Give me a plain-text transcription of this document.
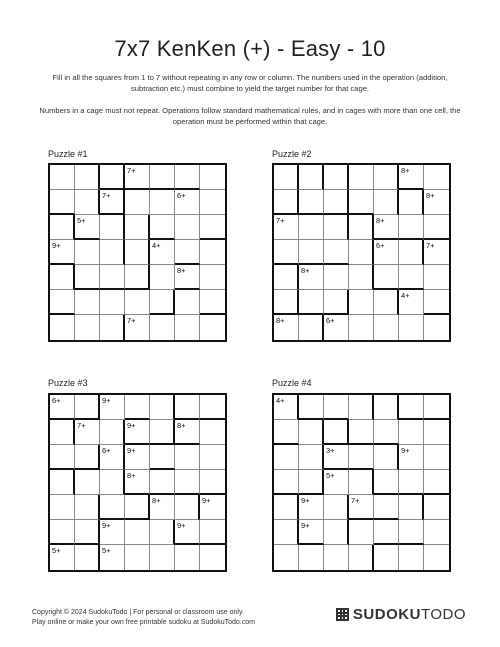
7x7 KenKen (+) - Easy - 10
Fill in all the squares from 1 to 7 without repeating in any row or column. The numbers used in the operation (addition, subtraction etc.) must combine to yield the target number for that cage.
Numbers in a cage must not repeat. Operations follow standard mathematical rules, and in cages with more than one cell, the operation must be performed within that cage.
Puzzle #1
7+
7+	6+
5+
9+	4+
8+
7+
Puzzle #2
8+
8+
7+	8+
6+	7+
8+
4+
8+	6+
Puzzle #3
6+	9+
7+	9+	8+
6+ 9+
8+
8+	9+
9+	9+
5+	5+
Puzzle #4
4+
3+	9+
5+
9+	7+
9+
Copyright © 2024 SudokuTodo | For personal or classroom use only.
Play online or make your own free printable sudoku at SudokuTodo.com	SUDOKU TODO
